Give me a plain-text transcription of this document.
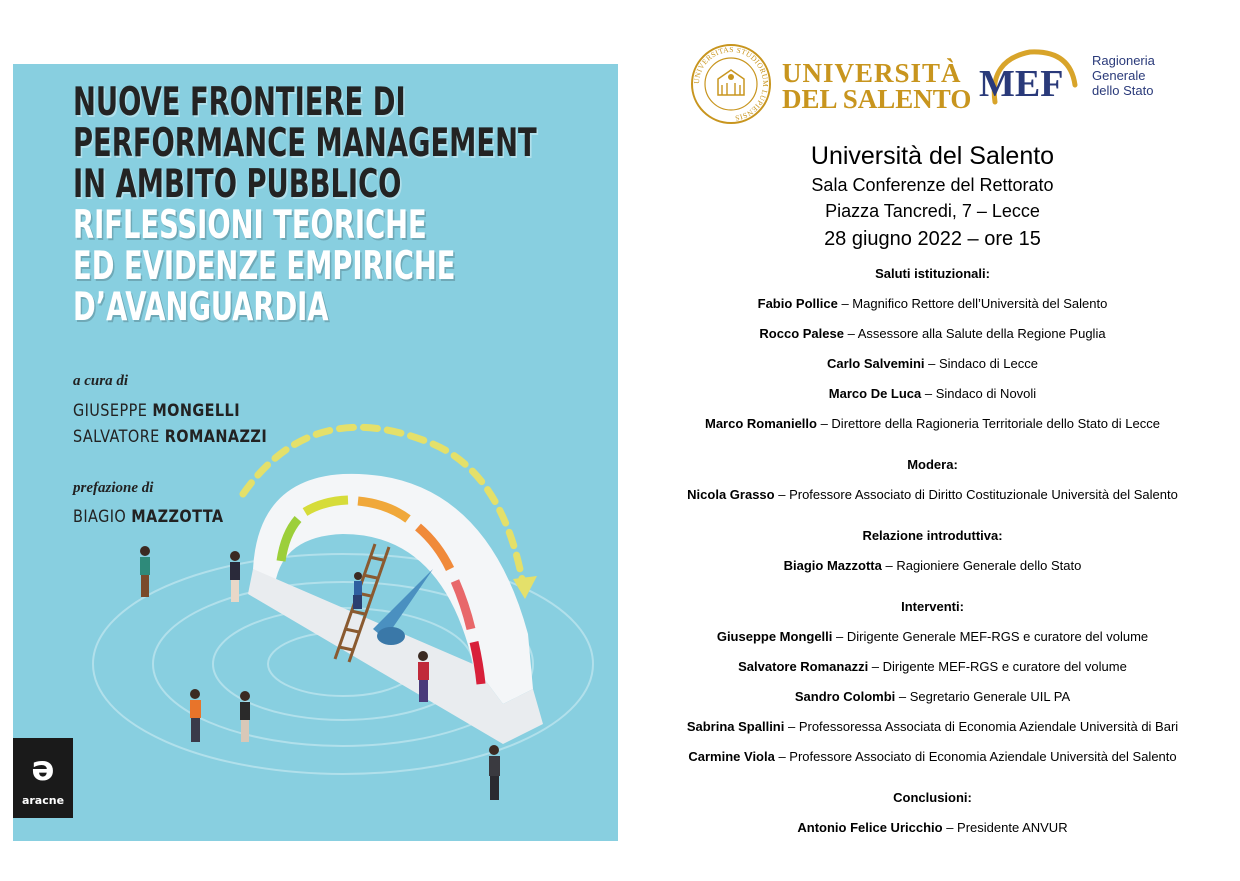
NUOVE FRONTIERE DI
PERFORMANCE MANAGEMENT
IN AMBITO PUBBLICO
RIFLESSIONI TEORICHE
ED EVIDENZE EMPIRICHE
D’AVANGUARDIA
a cura di
GIUSEPPE MONGELLI
SALVATORE ROMANAZZI
prefazione di
BIAGIO MAZZOTTA
ə
aracne
UNIVERSITAS STUDIORUM LUPIENSIS
UNIVERSITÀ
DEL SALENTO MEF
Ragioneria
Generale
dello Stato
Università del Salento
Sala Conferenze del Rettorato
Piazza Tancredi, 7 – Lecce
28 giugno 2022 – ore 15
Saluti istituzionali:
Fabio Pollice – Magnifico Rettore dell’Università del Salento
Rocco Palese – Assessore alla Salute della Regione Puglia
Carlo Salvemini – Sindaco di Lecce
Marco De Luca – Sindaco di Novoli
Marco Romaniello – Direttore della Ragioneria Territoriale dello Stato di Lecce
Modera:
Nicola Grasso – Professore Associato di Diritto Costituzionale Università del Salento
Relazione introduttiva:
Biagio Mazzotta – Ragioniere Generale dello Stato
Interventi:
Giuseppe Mongelli – Dirigente Generale MEF-RGS e curatore del volume
Salvatore Romanazzi – Dirigente MEF-RGS e curatore del volume
Sandro Colombi – Segretario Generale UIL PA
Sabrina Spallini – Professoressa Associata di Economia Aziendale Università di Bari
Carmine Viola – Professore Associato di Economia Aziendale Università del Salento
Conclusioni:
Antonio Felice Uricchio – Presidente ANVUR
